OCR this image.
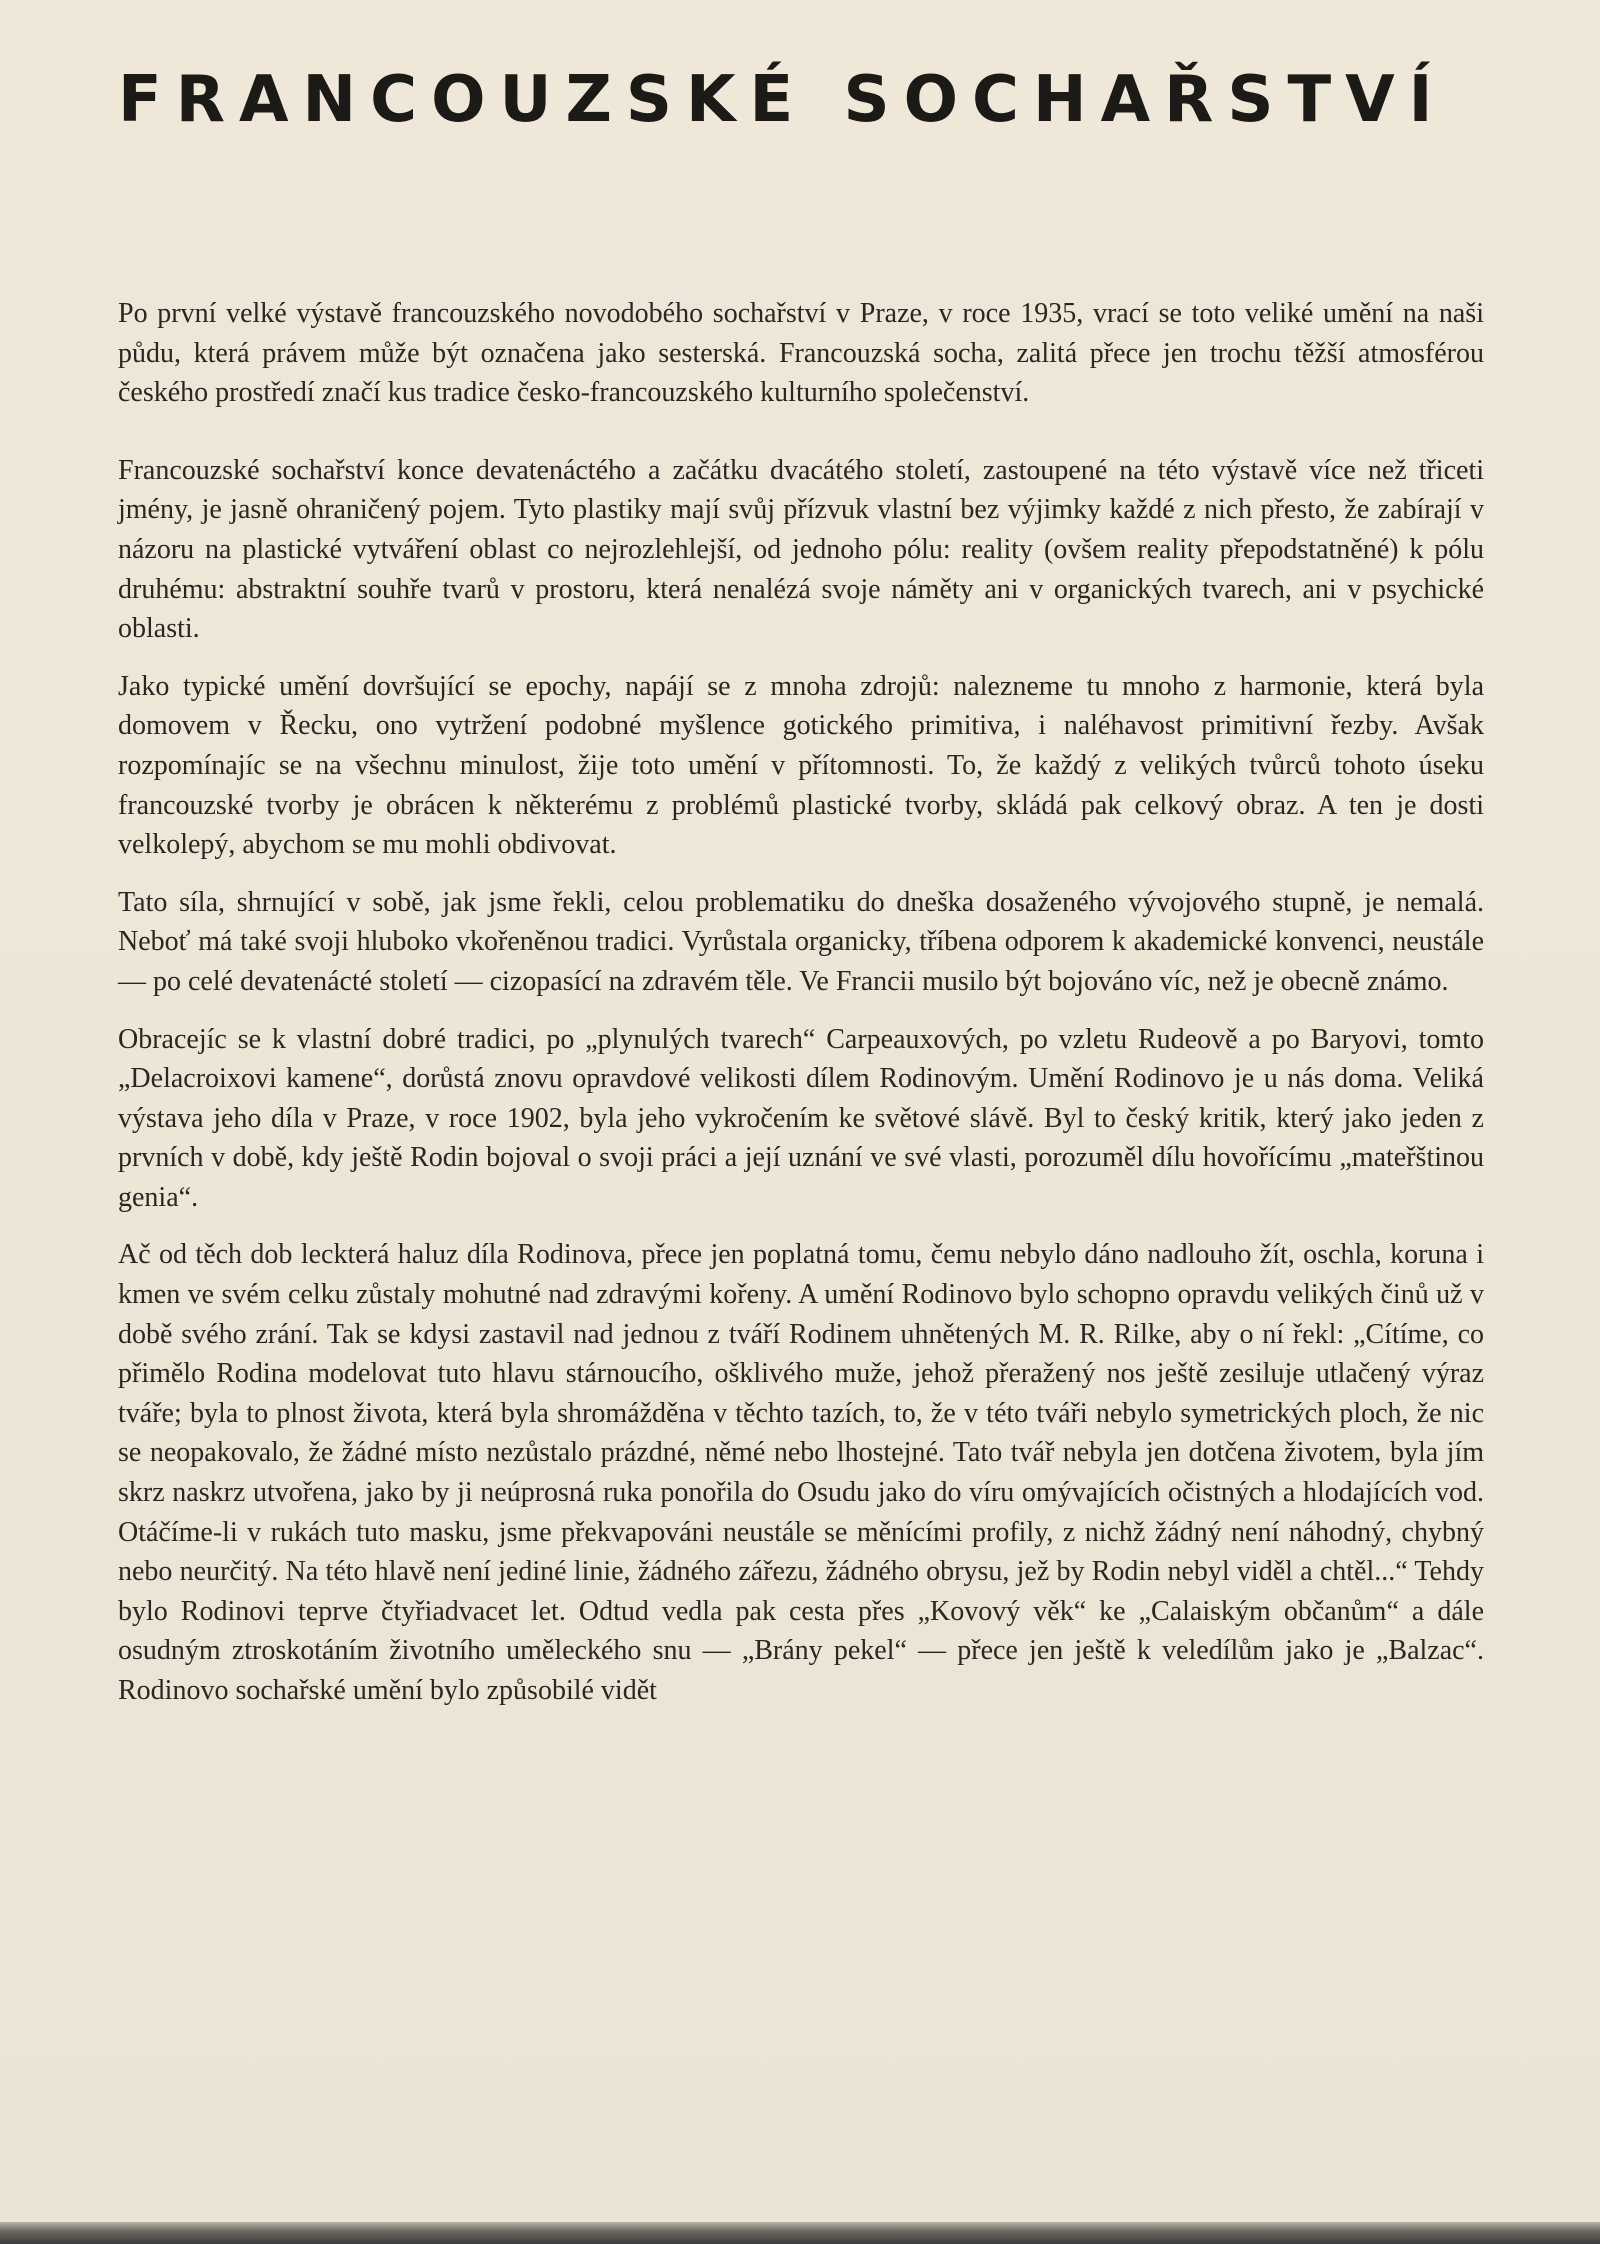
FRANCOUZSKÉ SOCHAŘSTVÍ

Po první velké výstavě francouzského novodobého sochařství v Praze, v roce 1935, vrací se toto veliké umění na naši půdu, která právem může být označena jako sesterská. Francouzská socha, zalitá přece jen trochu těžší atmosférou českého prostředí značí kus tradice česko-francouzského kulturního společenství.

Francouzské sochařství konce devatenáctého a začátku dvacátého století, zastoupené na této výstavě více než třiceti jmény, je jasně ohraničený pojem. Tyto plastiky mají svůj přízvuk vlastní bez výjimky každé z nich přesto, že zabírají v názoru na plastické vytváření oblast co nejrozlehlejší, od jednoho pólu: reality (ovšem reality přepodstatněné) k pólu druhému: abstraktní souhře tvarů v prostoru, která nenalézá svoje náměty ani v organických tvarech, ani v psychické oblasti.

Jako typické umění dovršující se epochy, napájí se z mnoha zdrojů: nalezneme tu mnoho z harmonie, která byla domovem v Řecku, ono vytržení podobné myšlence gotického primitiva, i naléhavost primitivní řezby. Avšak rozpomínajíc se na všechnu minulost, žije toto umění v přítomnosti. To, že každý z velikých tvůrců tohoto úseku francouzské tvorby je obrácen k některému z problémů plastické tvorby, skládá pak celkový obraz. A ten je dosti velkolepý, abychom se mu mohli obdivovat.

Tato síla, shrnující v sobě, jak jsme řekli, celou problematiku do dneška dosaženého vývojového stupně, je nemalá. Neboť má také svoji hluboko vkořeněnou tradici. Vyrůstala organicky, tříbena odporem k akademické konvenci, neustále — po celé devatenácté století — cizopasící na zdravém těle. Ve Francii musilo být bojováno víc, než je obecně známo.

Obracejíc se k vlastní dobré tradici, po „plynulých tvarech“ Carpeauxových, po vzletu Rudeově a po Baryovi, tomto „Delacroixovi kamene“, dorůstá znovu opravdové velikosti dílem Rodinovým. Umění Rodinovo je u nás doma. Veliká výstava jeho díla v Praze, v roce 1902, byla jeho vykročením ke světové slávě. Byl to český kritik, který jako jeden z prvních v době, kdy ještě Rodin bojoval o svoji práci a její uznání ve své vlasti, porozuměl dílu hovořícímu „mateřštinou genia“.

Ač od těch dob leckterá haluz díla Rodinova, přece jen poplatná tomu, čemu nebylo dáno nadlouho žít, oschla, koruna i kmen ve svém celku zůstaly mohutné nad zdravými kořeny. A umění Rodinovo bylo schopno opravdu velikých činů už v době svého zrání. Tak se kdysi zastavil nad jednou z tváří Rodinem uhnětených M. R. Rilke, aby o ní řekl: „Cítíme, co přimělo Rodina modelovat tuto hlavu stárnoucího, ošklivého muže, jehož přeražený nos ještě zesiluje utlačený výraz tváře; byla to plnost života, která byla shromážděna v těchto tazích, to, že v této tváři nebylo symetrických ploch, že nic se neopakovalo, že žádné místo nezůstalo prázdné, němé nebo lhostejné. Tato tvář nebyla jen dotčena životem, byla jím skrz naskrz utvořena, jako by ji neúprosná ruka ponořila do Osudu jako do víru omývajících očistných a hlodajících vod. Otáčíme-li v rukách tuto masku, jsme překvapováni neustále se měnícími profily, z nichž žádný není náhodný, chybný nebo neurčitý. Na této hlavě není jediné linie, žádného zářezu, žádného obrysu, jež by Rodin nebyl viděl a chtěl...“ Tehdy bylo Rodinovi teprve čtyřiadvacet let. Odtud vedla pak cesta přes „Kovový věk“ ke „Calaiským občanům“ a dále osudným ztroskotáním životního uměleckého snu — „Brány pekel“ — přece jen ještě k veledílům jako je „Balzac“. Rodinovo sochařské umění bylo způsobilé vidět
